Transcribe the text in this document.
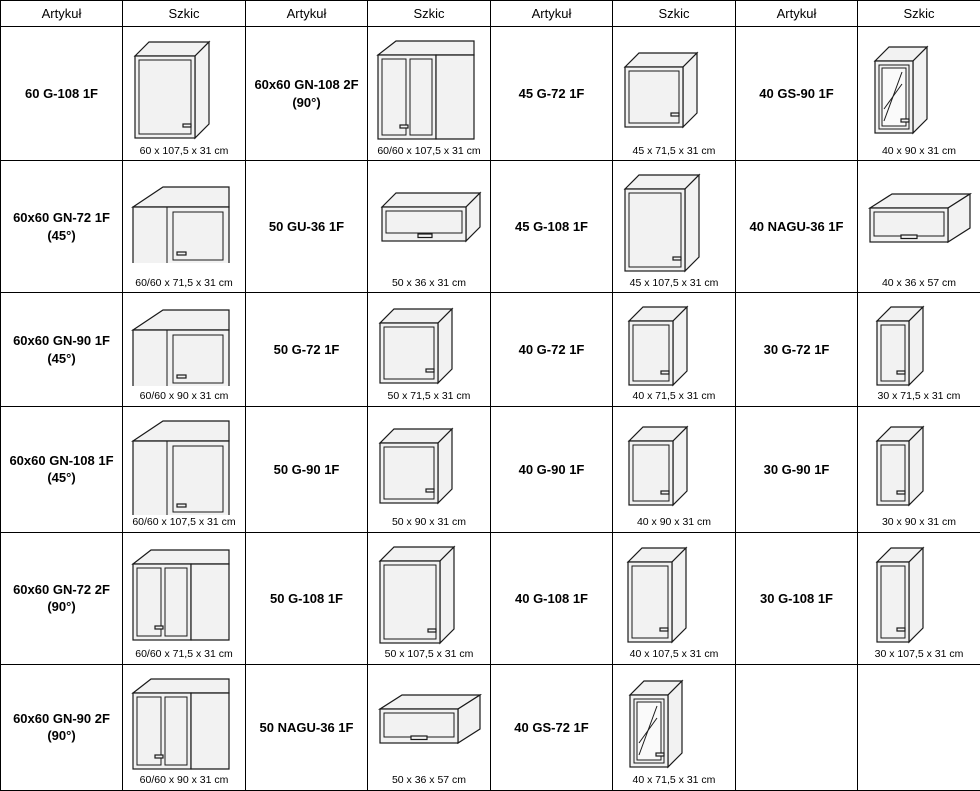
Artykuł	Szkic	Artykuł	Szkic	Artykuł	Szkic	Artykuł	Szkic
60 G-108 1F	60 x 107,5 x 31 cm	60x60 GN-108 2F (90°)	60/60 x 107,5 x 31 cm	45 G-72 1F	45 x 71,5 x 31 cm	40 GS-90 1F	40 x 90 x 31 cm

60x60 GN-72 1F (45°)	60/60 x 71,5 x 31 cm	50 GU-36 1F	50 x 36 x 31 cm	45 G-108 1F	45 x 107,5 x 31 cm	40 NAGU-36 1F	40 x 36 x 57 cm

60x60 GN-90 1F (45°)	60/60 x 90 x 31 cm	50 G-72 1F	50 x 71,5 x 31 cm	40 G-72 1F	40 x 71,5 x 31 cm	30 G-72 1F	30 x 71,5 x 31 cm

60x60 GN-108 1F (45°)	60/60 x 107,5 x 31 cm	50 G-90 1F	50 x 90 x 31 cm	40 G-90 1F	40 x 90 x 31 cm	30 G-90 1F	30 x 90 x 31 cm

60x60 GN-72 2F (90°)	60/60 x 71,5 x 31 cm	50 G-108 1F	50 x 107,5 x 31 cm	40 G-108 1F	40 x 107,5 x 31 cm	30 G-108 1F	30 x 107,5 x 31 cm

60x60 GN-90 2F (90°)	60/60 x 90 x 31 cm	50 NAGU-36 1F	50 x 36 x 57 cm	40 GS-72 1F	40 x 71,5 x 31 cm		
